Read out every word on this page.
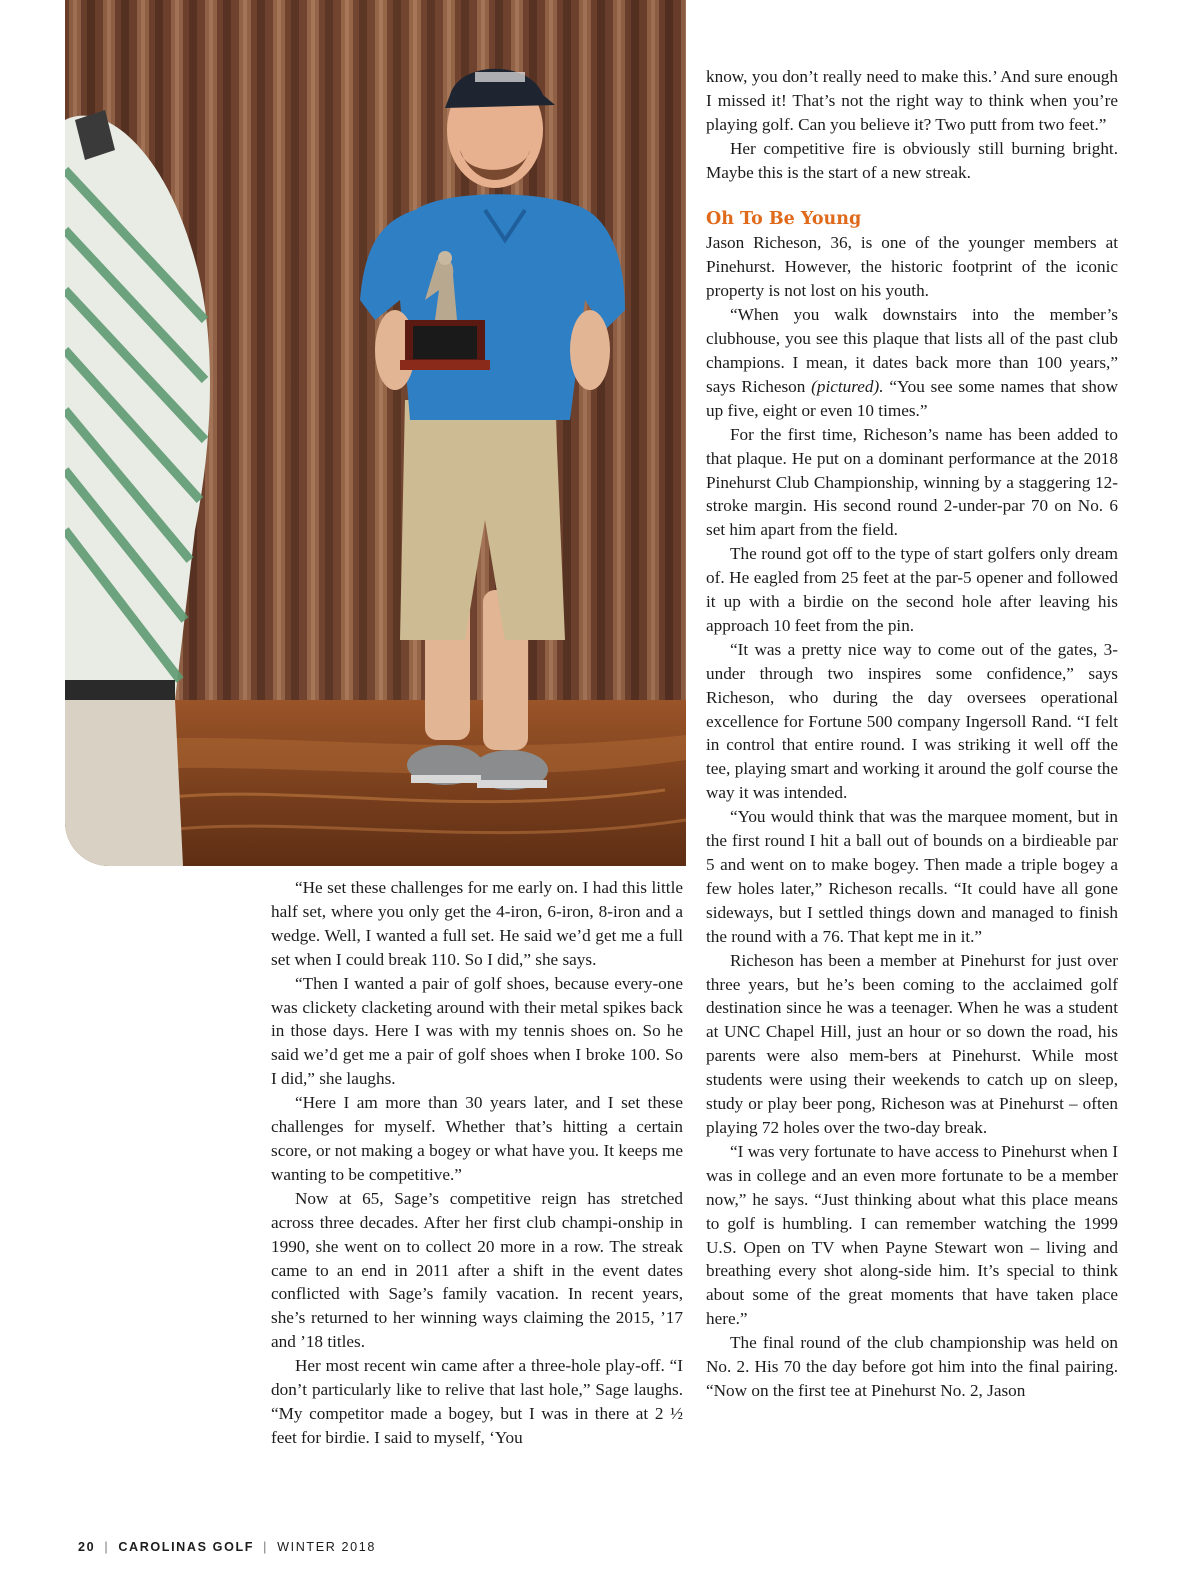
“He set these challenges for me early on. I had this little half set, where you only get the 4-iron, 6-iron, 8-iron and a wedge. Well, I wanted a full set. He said we’d get me a full set when I could break 110. So I did,” she says.

“Then I wanted a pair of golf shoes, because every-one was clickety clacketing around with their metal spikes back in those days. Here I was with my tennis shoes on. So he said we’d get me a pair of golf shoes when I broke 100. So I did,” she laughs.

“Here I am more than 30 years later, and I set these challenges for myself. Whether that’s hitting a certain score, or not making a bogey or what have you. It keeps me wanting to be competitive.”

Now at 65, Sage’s competitive reign has stretched across three decades. After her first club champi-onship in 1990, she went on to collect 20 more in a row. The streak came to an end in 2011 after a shift in the event dates conflicted with Sage’s family vacation. In recent years, she’s returned to her winning ways claiming the 2015, ’17 and ’18 titles.

Her most recent win came after a three-hole play-off. “I don’t particularly like to relive that last hole,” Sage laughs. “My competitor made a bogey, but I was in there at 2 ½ feet for birdie. I said to myself, ‘You

know, you don’t really need to make this.’ And sure enough I missed it! That’s not the right way to think when you’re playing golf. Can you believe it? Two putt from two feet.”

Her competitive fire is obviously still burning bright. Maybe this is the start of a new streak.

Oh To Be Young

Jason Richeson, 36, is one of the younger members at Pinehurst. However, the historic footprint of the iconic property is not lost on his youth.

“When you walk downstairs into the member’s clubhouse, you see this plaque that lists all of the past club champions. I mean, it dates back more than 100 years,” says Richeson (pictured). “You see some names that show up five, eight or even 10 times.”

For the first time, Richeson’s name has been added to that plaque. He put on a dominant performance at the 2018 Pinehurst Club Championship, winning by a staggering 12-stroke margin. His second round 2-under-par 70 on No. 6 set him apart from the field.

The round got off to the type of start golfers only dream of. He eagled from 25 feet at the par-5 opener and followed it up with a birdie on the second hole after leaving his approach 10 feet from the pin.

“It was a pretty nice way to come out of the gates, 3-under through two inspires some confidence,” says Richeson, who during the day oversees operational excellence for Fortune 500 company Ingersoll Rand. “I felt in control that entire round. I was striking it well off the tee, playing smart and working it around the golf course the way it was intended.

“You would think that was the marquee moment, but in the first round I hit a ball out of bounds on a birdieable par 5 and went on to make bogey. Then made a triple bogey a few holes later,” Richeson recalls. “It could have all gone sideways, but I settled things down and managed to finish the round with a 76. That kept me in it.”

Richeson has been a member at Pinehurst for just over three years, but he’s been coming to the acclaimed golf destination since he was a teenager. When he was a student at UNC Chapel Hill, just an hour or so down the road, his parents were also mem-bers at Pinehurst. While most students were using their weekends to catch up on sleep, study or play beer pong, Richeson was at Pinehurst – often playing 72 holes over the two-day break.

“I was very fortunate to have access to Pinehurst when I was in college and an even more fortunate to be a member now,” he says. “Just thinking about what this place means to golf is humbling. I can remember watching the 1999 U.S. Open on TV when Payne Stewart won – living and breathing every shot along-side him. It’s special to think about some of the great moments that have taken place here.”

The final round of the club championship was held on No. 2. His 70 the day before got him into the final pairing. “Now on the first tee at Pinehurst No. 2, Jason

20 | CAROLINAS GOLF | WINTER 2018
